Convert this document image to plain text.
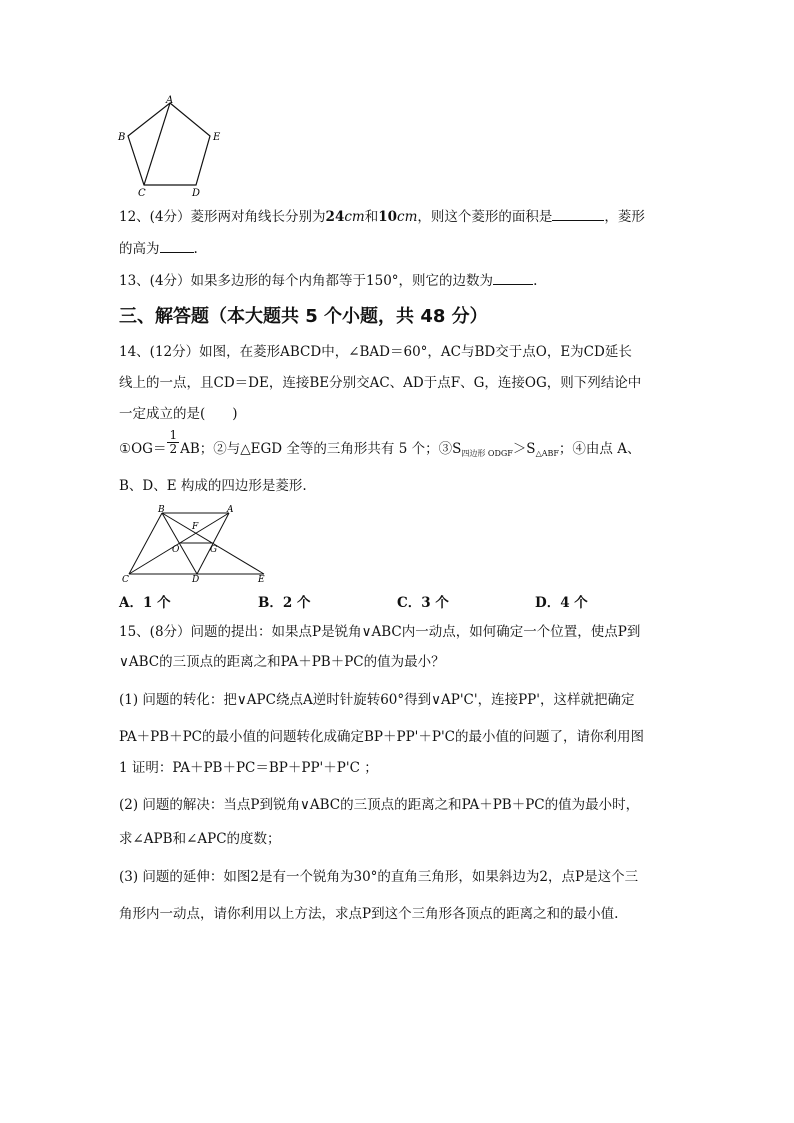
A
B
C	D
E
12、(4分）菱形两对角线长分别为24cm和10cm，则这个菱形的面积是	，菱形
的高为	.
13、(4分）如果多边形的每个内角都等于150°，则它的边数为	.
三、解答题（本大题共 5 个小题，共 48 分）
14、(12分）如图，在菱形ABCD中，∠BAD＝60°，AC与BD交于点O，E为CD延长
线上的一点，且CD＝DE，连接BE分别交AC、AD于点F、G，连接OG，则下列结论中
一定成立的是(　　)
①OG＝ $\frac{1}{2}$ AB；②与△EGD 全等的三角形共有 5 个；$③S_{四边形 ODGF}>S_{\triangle ABF}$；④由点 A、
B、D、E 构成的四边形是菱形.
B	A
F
O	G
C	D	E
A．1 个	B．2 个	C．3 个	D．4 个
15、(8分）问题的提出：如果点P是锐角∨ABC内一动点，如何确定一个位置，使点P到
∨ABC的三顶点的距离之和PA＋PB＋PC的值为最小？
(1) 问题的转化：把∨APC绕点A逆时针旋转60°得到∨AP'C'，连接PP'，这样就把确定
PA＋PB＋PC的最小值的问题转化成确定BP＋PP'＋P'C的最小值的问题了，请你利用图
1 证明：PA＋PB＋PC＝BP＋PP'＋P'C ；
(2) 问题的解决：当点P到锐角∨ABC的三顶点的距离之和PA＋PB＋PC的值为最小时，
求∠APB和∠APC的度数；
(3) 问题的延伸：如图2是有一个锐角为30°的直角三角形，如果斜边为2，点P是这个三
角形内一动点，请你利用以上方法，求点P到这个三角形各顶点的距离之和的最小值.
